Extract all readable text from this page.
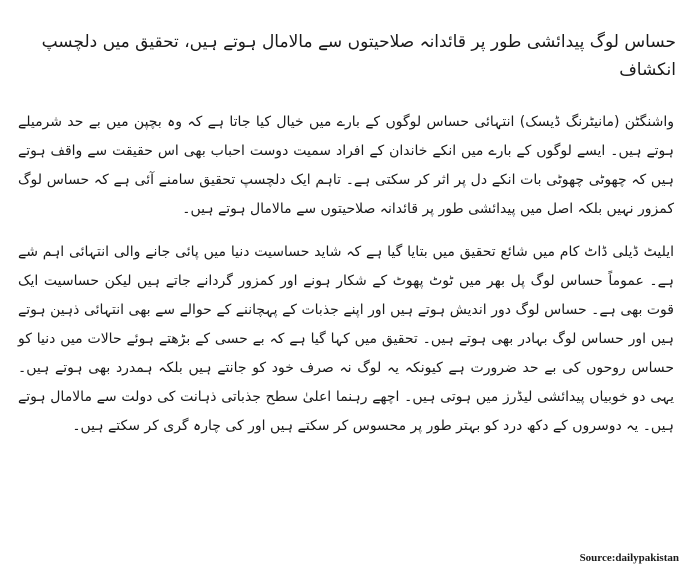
حساس لوگ پیدائشی طور پر قائدانہ صلاحیتوں سے مالامال ہوتے ہیں، تحقیق میں دلچسپ انکشاف

واشنگٹن (مانیٹرنگ ڈیسک) انتہائی حساس لوگوں کے بارے میں خیال کیا جاتا ہے کہ وہ بچپن میں بے حد شرمیلے ہوتے ہیں۔ ایسے لوگوں کے بارے میں انکے خاندان کے افراد سمیت دوست احباب بھی اس حقیقت سے واقف ہوتے ہیں کہ چھوٹی چھوٹی بات انکے دل پر اثر کر سکتی ہے۔ تاہم ایک دلچسپ تحقیق سامنے آئی ہے کہ حساس لوگ کمزور نہیں بلکہ اصل میں پیدائشی طور پر قائدانہ صلاحیتوں سے مالامال ہوتے ہیں۔

ایلیٹ ڈیلی ڈاٹ کام میں شائع تحقیق میں بتایا گیا ہے کہ شاید حساسیت دنیا میں پائی جانے والی انتہائی اہم شے ہے۔ عموماً حساس لوگ پل بھر میں ٹوٹ پھوٹ کے شکار ہونے اور کمزور گردانے جاتے ہیں لیکن حساسیت ایک قوت بھی ہے۔ حساس لوگ دور اندیش ہوتے ہیں اور اپنے جذبات کے پہچاننے کے حوالے سے بھی انتہائی ذہین ہوتے ہیں اور حساس لوگ بہادر بھی ہوتے ہیں۔ تحقیق میں کہا گیا ہے کہ بے حسی کے بڑھتے ہوئے حالات میں دنیا کو حساس روحوں کی بے حد ضرورت ہے کیونکہ یہ لوگ نہ صرف خود کو جانتے ہیں بلکہ ہمدرد بھی ہوتے ہیں۔ یہی دو خوبیاں پیدائشی لیڈرز میں ہوتی ہیں۔ اچھے رہنما اعلیٰ سطح جذباتی ذہانت کی دولت سے مالامال ہوتے ہیں۔ یہ دوسروں کے دکھ درد کو بہتر طور پر محسوس کر سکتے ہیں اور کی چارہ گری کر سکتے ہیں۔

Source:dailypakistan
